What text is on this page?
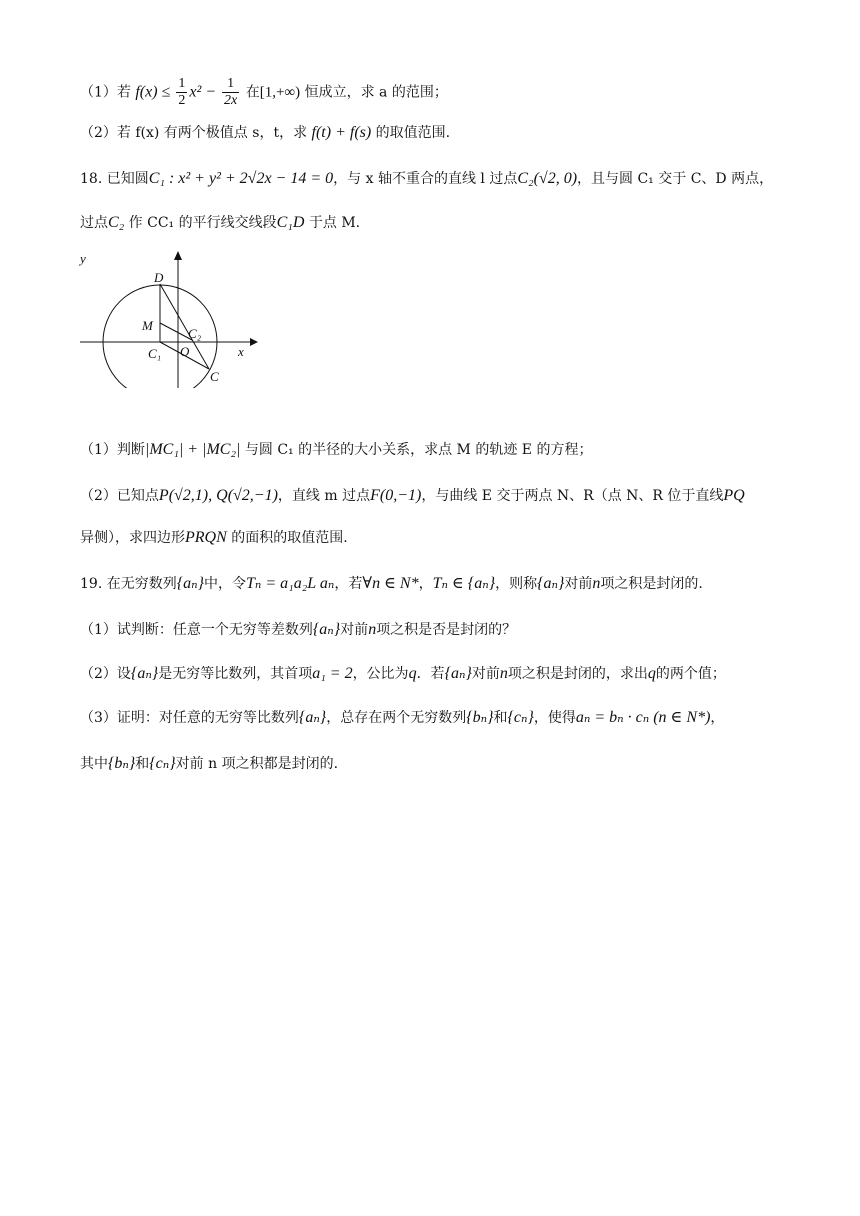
（1）若 $f(x) \le \frac{1}{2} x^2 - \frac{1}{2x}$ 在[1,+∞) 恒成立，求 a 的范围；
（2）若 f(x) 有两个极值点 s，t，求 f(t) + f(s) 的取值范围.
18. 已知圆C₁ : x² + y² + 2√2x − 14 = 0，与 x 轴不重合的直线 l 过点C₂(√2, 0)，且与圆 C₁ 交于 C、D 两点，
过点C₂ 作 CC₁ 的平行线交线段C₁D 于点 M.
y
x
D
M
C₂
C₁ O
C
（1）判断|MC₁| + |MC₂| 与圆 C₁ 的半径的大小关系，求点 M 的轨迹 E 的方程；
（2）已知点P(√2,1), Q(√2,−1)，直线 m 过点F(0,−1)，与曲线 E 交于两点 N、R（点 N、R 位于直线PQ
异侧），求四边形PRQN 的面积的取值范围.
19. 在无穷数列{aₙ}中，令Tₙ = a₁a₂L aₙ，若∀n ∈ N*，Tₙ ∈ {aₙ}，则称{aₙ}对前n项之积是封闭的.
（1）试判断：任意一个无穷等差数列{aₙ}对前n项之积是否是封闭的？
（2）设{aₙ}是无穷等比数列，其首项a₁ = 2，公比为q．若{aₙ}对前n项之积是封闭的，求出q的两个值；
（3）证明：对任意的无穷等比数列{aₙ}，总存在两个无穷数列{bₙ}和{cₙ}，使得aₙ = bₙ · cₙ (n ∈ N*)，
其中{bₙ}和{cₙ}对前 n 项之积都是封闭的.
